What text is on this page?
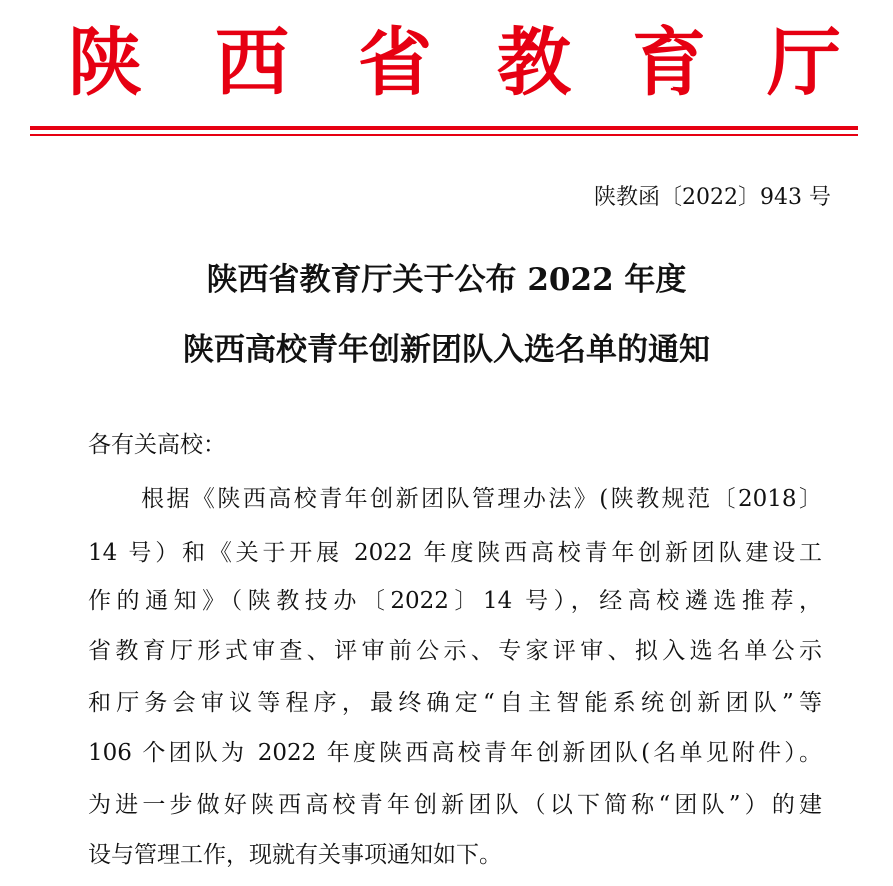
陕 西 省 教 育 厅
陕教函〔2022〕943 号
陕西省教育厅关于公布 2022 年度
陕西高校青年创新团队入选名单的通知
各有关高校：
根据《陕西高校青年创新团队管理办法》(陕教规范〔2018〕
14 号）和《关于开展 2022 年度陕西高校青年创新团队建设工
作的通知》（陕教技办〔2022〕14 号），经高校遴选推荐，
省教育厅形式审查、评审前公示、专家评审、拟入选名单公示
和厅务会审议等程序，最终确定“自主智能系统创新团队”等
106 个团队为 2022 年度陕西高校青年创新团队(名单见附件）。
为进一步做好陕西高校青年创新团队（以下简称“团队”）的建
设与管理工作，现就有关事项通知如下。
